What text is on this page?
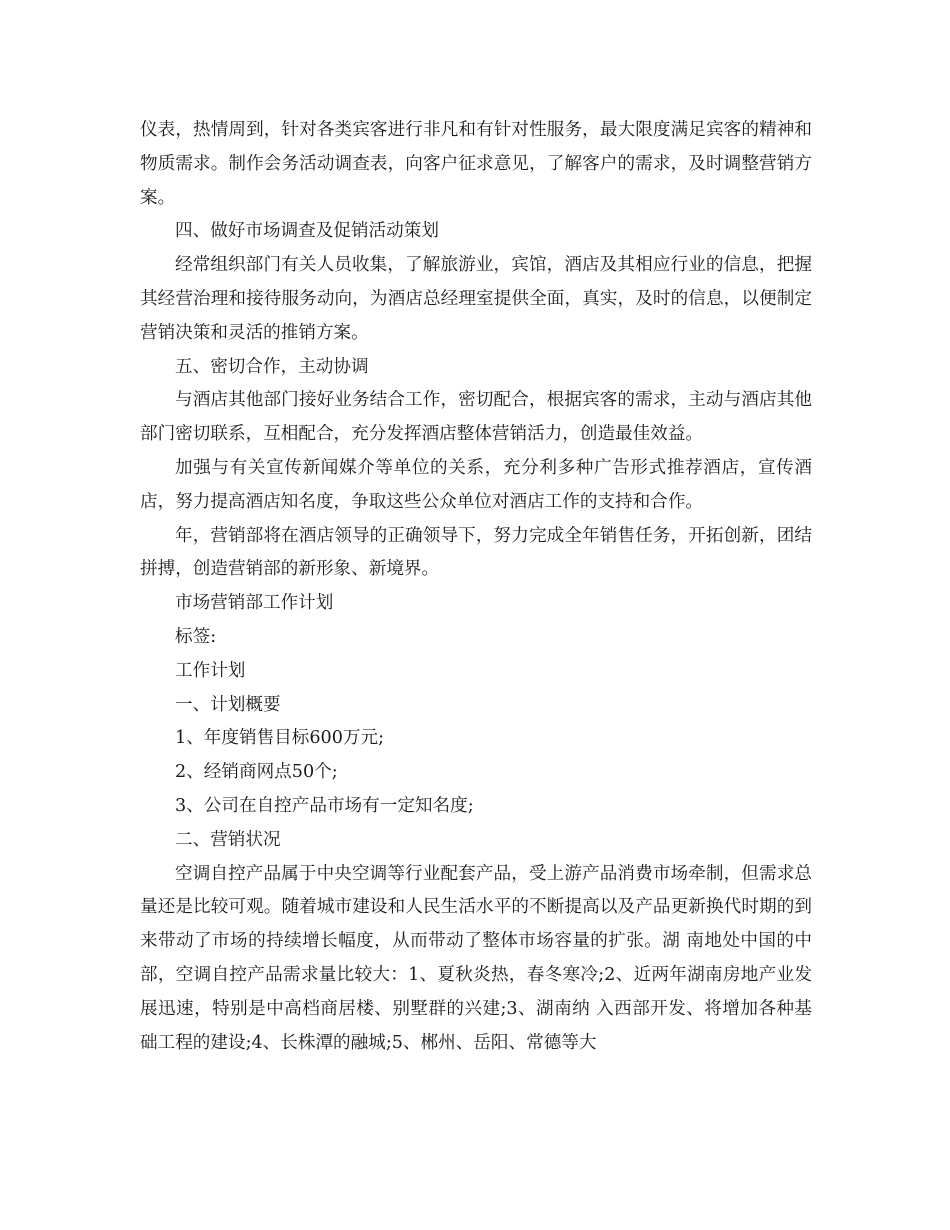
仪表，热情周到，针对各类宾客进行非凡和有针对性服务，最大限度满足宾客的精神和物质需求。制作会务活动调查表，向客户征求意见，了解客户的需求，及时调整营销方案。

四、做好市场调查及促销活动策划

经常组织部门有关人员收集，了解旅游业，宾馆，酒店及其相应行业的信息，把握其经营治理和接待服务动向，为酒店总经理室提供全面，真实，及时的信息，以便制定营销决策和灵活的推销方案。

五、密切合作，主动协调

与酒店其他部门接好业务结合工作，密切配合，根据宾客的需求，主动与酒店其他部门密切联系，互相配合，充分发挥酒店整体营销活力，创造最佳效益。

加强与有关宣传新闻媒介等单位的关系，充分利多种广告形式推荐酒店，宣传酒店，努力提高酒店知名度，争取这些公众单位对酒店工作的支持和合作。

年，营销部将在酒店领导的正确领导下，努力完成全年销售任务，开拓创新，团结拼搏，创造营销部的新形象、新境界。

市场营销部工作计划

标签:

工作计划

一、计划概要

1、年度销售目标600万元;

2、经销商网点50个;

3、公司在自控产品市场有一定知名度;

二、营销状况

空调自控产品属于中央空调等行业配套产品，受上游产品消费市场牵制，但需求总量还是比较可观。随着城市建设和人民生活水平的不断提高以及产品更新换代时期的到来带动了市场的持续增长幅度，从而带动了整体市场容量的扩张。湖 南地处中国的中部，空调自控产品需求量比较大：1、夏秋炎热，春冬寒冷;2、近两年湖南房地产业发展迅速，特别是中高档商居楼、别墅群的兴建;3、湖南纳 入西部开发、将增加各种基础工程的建设;4、长株潭的融城;5、郴州、岳阳、常德等大
